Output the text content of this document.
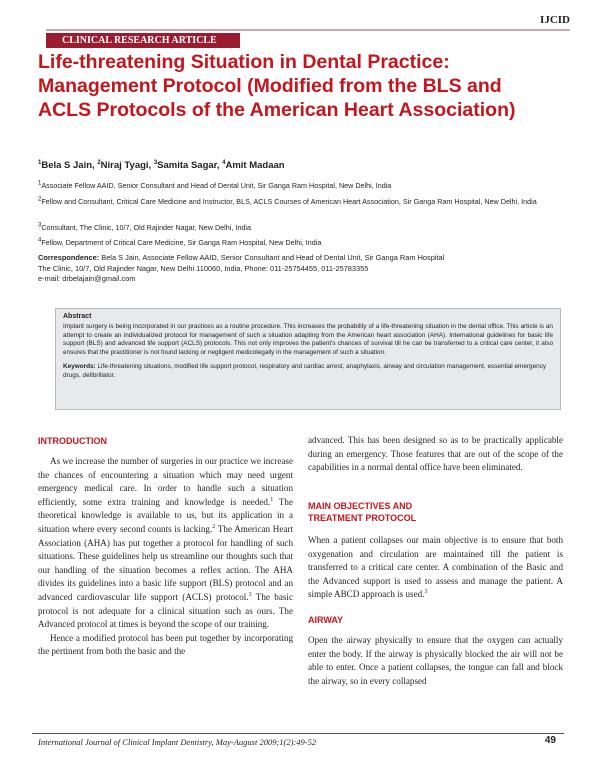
IJCID
CLINICAL RESEARCH ARTICLE
Life-threatening Situation in Dental Practice: Management Protocol (Modified from the BLS and ACLS Protocols of the American Heart Association)
$^1$Bela S Jain, $^2$Niraj Tyagi, $^3$Samita Sagar, $^4$Amit Madaan
$^1$Associate Fellow AAID, Senior Consultant and Head of Dental Unit, Sir Ganga Ram Hospital, New Delhi, India
$^2$Fellow and Consultant, Critical Care Medicine and Instructor, BLS, ACLS Courses of American Heart Association, Sir Ganga Ram Hospital, New Delhi, India
$^3$Consultant, The Clinic, 10/7, Old Rajinder Nagar, New Delhi, India
$^4$Fellow, Department of Critical Care Medicine, Sir Ganga Ram Hospital, New Delhi, India
Correspondence: Bela S Jain, Associate Fellow AAID, Senior Consultant and Head of Dental Unit, Sir Ganga Ram Hospital
The Clinic, 10/7, Old Rajinder Nagar, New Delhi 110060, India, Phone: 011-25754455, 011-25783355
e-mail: drbelajain@gmail.com
Abstract

Implant surgery is being incorporated in our practices as a routine procedure. This increases the probability of a life-threatening situation in the dental office. This article is an attempt to create an individualized protocol for management of such a situation adapting from the American heart association (AHA). International guidelines for basic life support (BLS) and advanced life support (ACLS) protocols. This not only improves the patient's chances of survival till he can be transferred to a critical care center, it also ensures that the practitioner is not found lacking or negligent medicolegally in the management of such a situation.

Keywords: Life-threatening situations, modified life support protocol, respiratory and cardiac arrest, anaphylaxis, airway and circulation management, essential emergency drugs, defibrillator.
INTRODUCTION

As we increase the number of surgeries in our practice we increase the chances of encountering a situation which may need urgent emergency medical care. In order to handle such a situation efficiently, some extra training and knowledge is needed.$^1$ The theoretical knowledge is available to us, but its application in a situation where every second counts is lacking.$^2$ The American Heart Association (AHA) has put together a protocol for handling of such situations. These guidelines help us streamline our thoughts such that our handling of the situation becomes a reflex action. The AHA divides its guidelines into a basic life support (BLS) protocol and an advanced cardiovascular life support (ACLS) protocol.$^3$ The basic protocol is not adequate for a clinical situation such as ours. The Advanced protocol at times is beyond the scope of our training.

Hence a modified protocol has been put together by incorporating the pertinent from both the basic and the

advanced. This has been designed so as to be practically applicable during an emergency. Those features that are out of the scope of the capabilities in a normal dental office have been eliminated.

MAIN OBJECTIVES AND
TREATMENT PROTOCOL

When a patient collapses our main objective is to ensure that both oxygenation and circulation are maintained till the patient is transferred to a critical care center. A combination of the Basic and the Advanced support is used to assess and manage the patient. A simple ABCD approach is used.$^3$

AIRWAY

Open the airway physically to ensure that the oxygen can actually enter the body. If the airway is physically blocked the air will not be able to enter. Once a patient collapses, the tongue can fall and block the airway, so in every collapsed

International Journal of Clinical Implant Dentistry, May-August 2009;1(2):49-52	49
